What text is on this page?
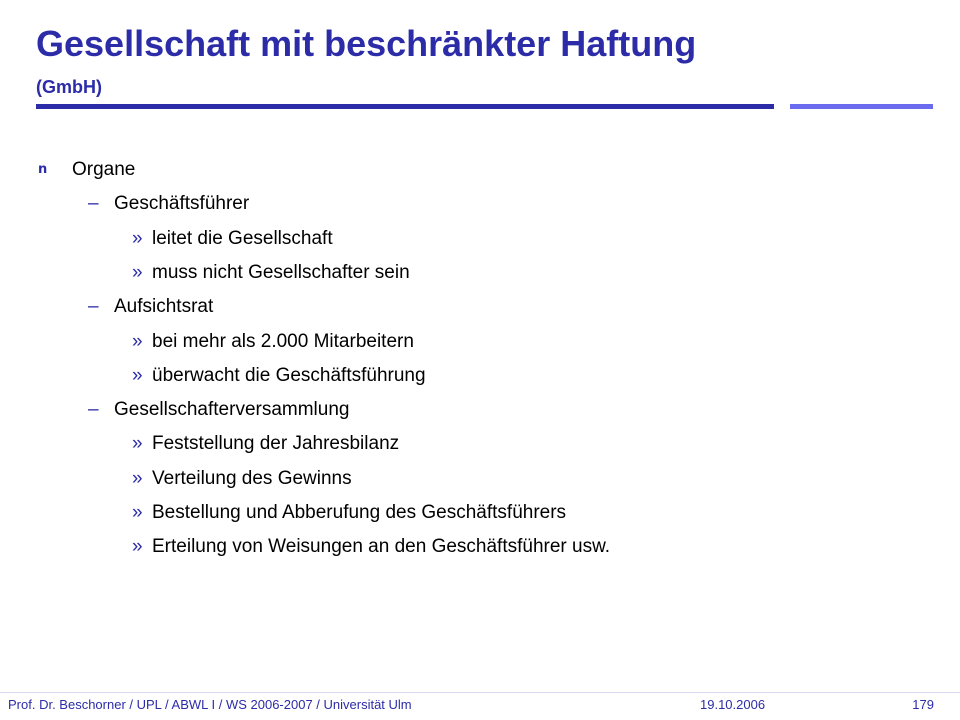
Gesellschaft mit beschränkter Haftung
(GmbH)
n Organe
– Geschäftsführer
» leitet die Gesellschaft
» muss nicht Gesellschafter sein
– Aufsichtsrat
» bei mehr als 2.000 Mitarbeitern
» überwacht die Geschäftsführung
– Gesellschafterversammlung
» Feststellung der Jahresbilanz
» Verteilung des Gewinns
» Bestellung und Abberufung des Geschäftsführers
» Erteilung von Weisungen an den Geschäftsführer usw.
Prof. Dr. Beschorner / UPL / ABWL I / WS 2006-2007 / Universität Ulm	19.10.2006	179
